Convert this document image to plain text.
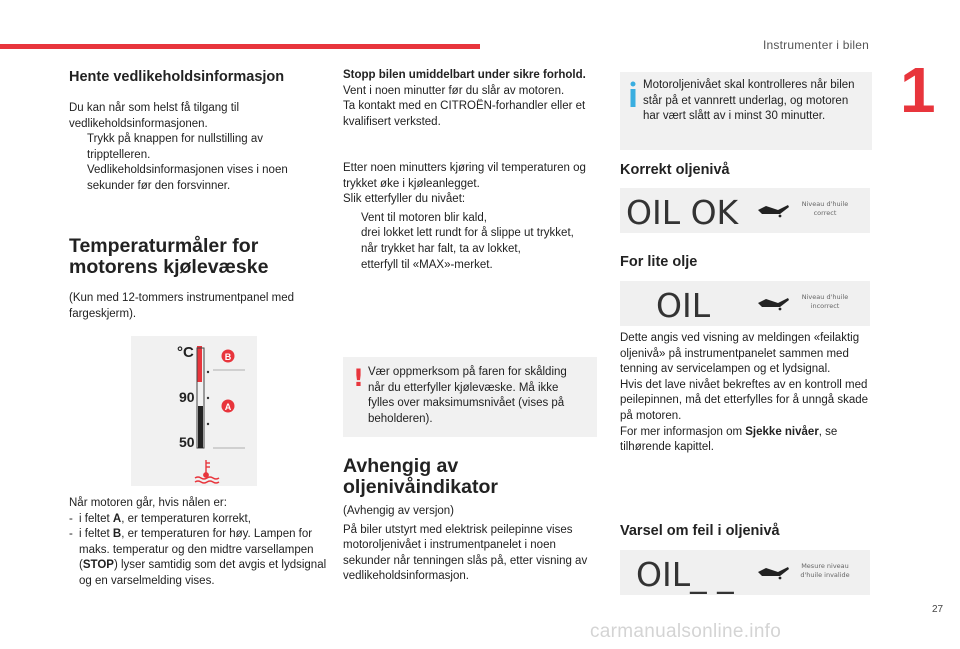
Instrumenter i bilen
1
Hente vedlikeholdsinformasjon

Du kan når som helst få tilgang til vedlikeholdsinformasjonen.

Trykk på knappen for nullstilling av tripptelleren.

Vedlikeholdsinformasjonen vises i noen sekunder før den forsvinner.

Temperaturmåler for
motorens kjølevæske
(Kun med 12-tommers instrumentpanel med fargeskjerm).
°C
90
50
B
A

Når motoren går, hvis nålen er:

- i feltet A, er temperaturen korrekt,

- i feltet B, er temperaturen for høy. Lampen for maks. temperatur og den midtre varsellampen (STOP) lyser samtidig som det avgis et lydsignal og en varselmelding vises.

Stopp bilen umiddelbart under sikre forhold.

Vent i noen minutter før du slår av motoren.

Ta kontakt med en CITROËN-forhandler eller et kvalifisert verksted.

Etter noen minutters kjøring vil temperaturen og trykket øke i kjøleanlegget.

Slik etterfyller du nivået:

Vent til motoren blir kald,

drei lokket lett rundt for å slippe ut trykket,

når trykket har falt, ta av lokket,

etterfyll til «MAX»-merket.

! Vær oppmerksom på faren for skålding når du etterfyller kjølevæske. Må ikke fylles over maksimumsnivået (vises på beholderen).
Avhengig av
oljenivåindikator

(Avhengig av versjon)

På biler utstyrt med elektrisk peilepinne vises motoroljenivået i instrumentpanelet i noen sekunder når tenningen slås på, etter visning av vedlikeholdsinformasjon.

Motoroljenivået skal kontrolleres når bilen står på et vannrett underlag, og motoren har vært slått av i minst 30 minutter.
Korrekt oljenivå
OIL OK	Niveau d'huile
correct
For lite olje
OIL	Niveau d'huile
incorrect

Dette angis ved visning av meldingen «feilaktig oljenivå» på instrumentpanelet sammen med tenning av servicelampen og et lydsignal.

Hvis det lave nivået bekreftes av en kontroll med peilepinnen, må det etterfylles for å unngå skade på motoren.

For mer informasjon om Sjekke nivåer, se tilhørende kapittel.

Varsel om feil i oljenivå
OIL_ _	Mesure niveau
d'huile invalide
27
carmanualsonline.info
